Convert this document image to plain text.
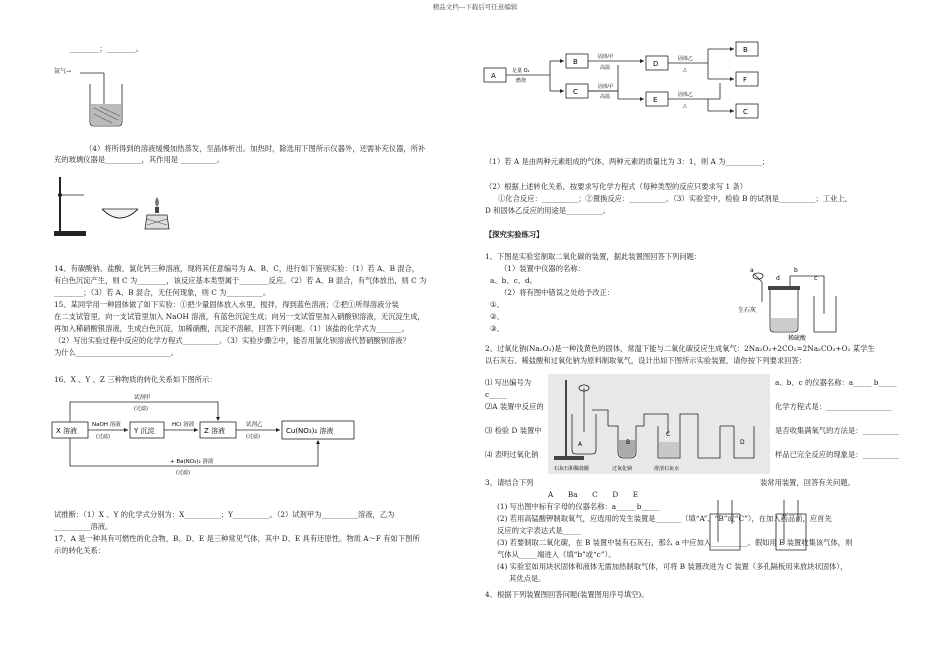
精品文档---下载后可任意编辑
________；________。
氩气→
（4）将所得到的溶液缓慢加热蒸发，至晶体析出。加热时，除选用下图所示仪器外，还需补充仪器，所补
充的玻璃仪器是__________，其作用是 __________。
14、有碳酸钠、盐酸、氯化钙三种溶液，现将其任意编号为 A、B、C，进行如下鉴别实验：（1）若 A、B 混合，
有白色沉淀产生，则 C 为________，该反应基本类型属于________反应。（2）若 A、B 混合，有气体放出，则 C 为
________；（3）若 A、B 混合，无任何现象，则 C 为__________。
15、某同学用一种固体做了如下实验：①把少量固体放入水里，搅拌，得到蓝色溶液；②把①所得溶液分装
在二支试管里，向一支试管里加入 NaOH 溶液，有蓝色沉淀生成；向另一支试管里加入硝酸钡溶液，无沉淀生成，
再加入稀硝酸银溶液，生成白色沉淀，加稀硝酸，沉淀不溶解，回答下列问题。（1）该盐的化学式为_______。
（2）写出实验过程中反应的化学方程式__________。（3）实验步骤②中，能否用氯化钡溶液代替硝酸钡溶液？
为什么__________________________。
16、X 、Y 、Z 三种物质的转化关系如下图所示：
X 溶液	Y 沉淀	Z 溶液	Cu(NO₃)₂ 溶液
NaOH 溶液
(过滤)
HCl 溶液
试剂甲
(过滤)
试剂乙
(过滤)
+ Ba(NO₃)₂ 溶液
(过滤)
试推断：（1）X 、Y 的化学式分别为：X__________；Y__________。（2）试剂甲为__________溶液，乙为
__________溶液。
17、A 是一种具有可燃性的化合物，B、D、E 是三种常见气体，其中 D、E 具有还原性。物质 A～F 有如下图所
示的转化关系：
A
B
C
D
E
B
F
C
足量 O₂
燃烧
固体甲
高温
固体甲
高温
固体乙
△
固体乙
△
（1）若 A 是由两种元素组成的气体，两种元素的质量比为 3：1，则 A 为__________；
（2）根据上述转化关系，按要求写化学方程式（每种类型的反应只要求写 1 条）
①化合反应：__________；②置换反应：__________。（3）实验室中，检验 B 的试剂是__________；工业上，
D 和固体乙反应的用途是__________。
【探究实验练习】
1、下图是实验室制取二氧化碳的装置，据此装置图回答下列问题：
（1）装置中仪器的名称：
a、b、c、d。
（2）将有图中错误之处给予改正：
①、
②、
③、
a	b
d	c
生石灰
稀硫酸
2、过氧化钠(Na₂O₂)是一种浅黄色的固体，常温下能与二氧化碳反应生成氧气：2Na₂O₂+2CO₂=2Na₂CO₃+O₂ 某学生
以石灰石、稀盐酸和过氧化钠为原料制取氧气，设计出如下图所示实验装置，请你按下列要求回答：
⑴ 写出编号为	a、b、c 的仪器名称：a_____ b_____
c_____
⑵A 装置中反应的	化学方程式是：__________________
⑶ 检验 D 装置中	是否收集满氧气的方法是：__________
⑷ 表明过氧化钠	样品已完全反应的现象是：__________
石灰石和稀盐酸	过氧化钠	澄清石灰水
A	B
C
D
3、请结合下列	装常用装置，回答有关问题。
A　　Ba　　C　　D　　E
(1) 写出图中标有字母的仪器名称：a_____ b_____
(2) 若用高锰酸钾制取氧气，应选用的发生装置是_______（填“A”、“B”或“C”），在加入药品前，应首先
反应的文字表达式是_____
(3) 若要制取二氧化碳，在 B 装置中装有石灰石，那么 a 中应加入__________。假如用 E 装置收集该气体，则
气体从_____端进入（填“b”或“c”）。
(4) 实验室如用块状固体和液体无需加热制取气体，可将 B 装置改进为 C 装置（多孔隔板用来放块状固体），
其优点是。
4、根据下列装置图回答问题(装置图用序号填空)。
